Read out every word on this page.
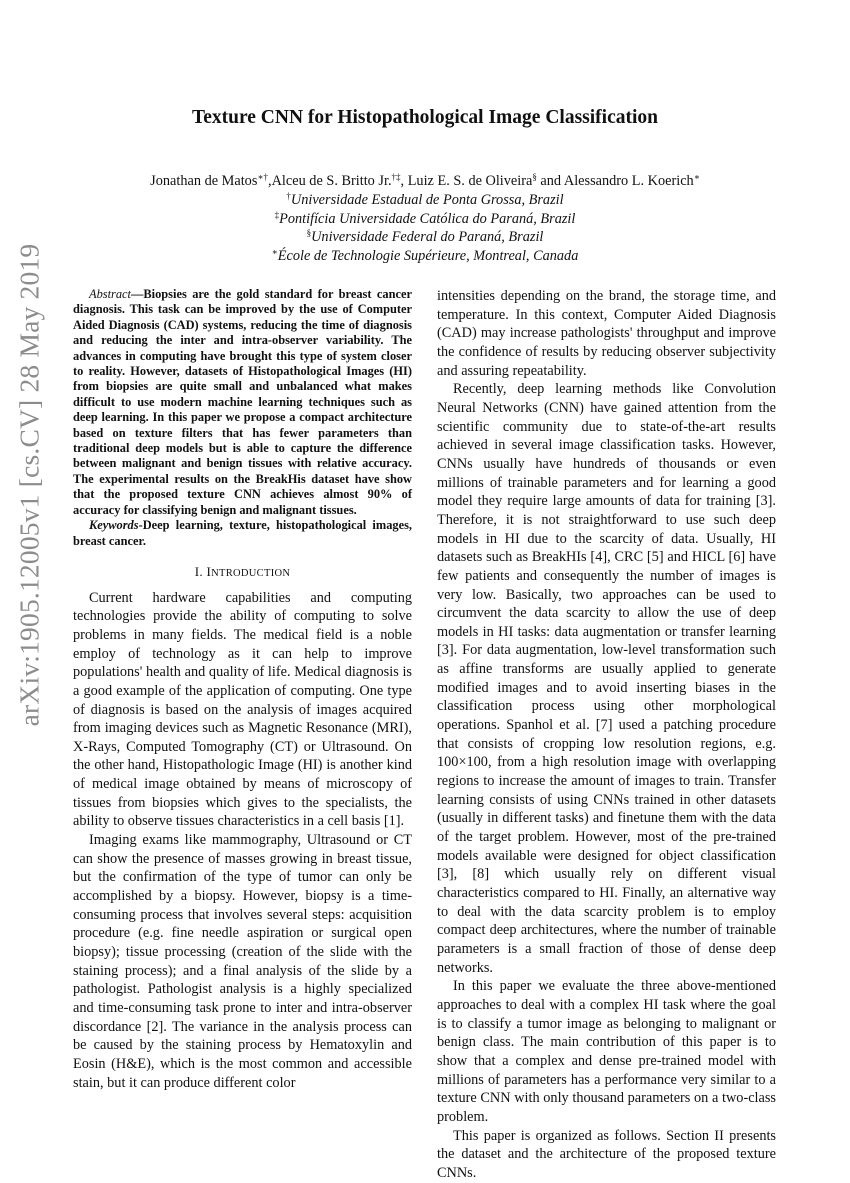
arXiv:1905.12005v1 [cs.CV] 28 May 2019
Texture CNN for Histopathological Image Classification
Jonathan de Matos∗†,Alceu de S. Britto Jr.†‡, Luiz E. S. de Oliveira§ and Alessandro L. Koerich∗
†Universidade Estadual de Ponta Grossa, Brazil
‡Pontifícia Universidade Católica do Paraná, Brazil
§Universidade Federal do Paraná, Brazil
∗École de Technologie Supérieure, Montreal, Canada

Abstract—Biopsies are the gold standard for breast cancer diagnosis. This task can be improved by the use of Computer Aided Diagnosis (CAD) systems, reducing the time of diagnosis and reducing the inter and intra-observer variability. The advances in computing have brought this type of system closer to reality. However, datasets of Histopathological Images (HI) from biopsies are quite small and unbalanced what makes difficult to use modern machine learning techniques such as deep learning. In this paper we propose a compact architecture based on texture filters that has fewer parameters than traditional deep models but is able to capture the difference between malignant and benign tissues with relative accuracy. The experimental results on the BreakHis dataset have show that the proposed texture CNN achieves almost 90% of accuracy for classifying benign and malignant tissues.

Keywords-Deep learning, texture, histopathological images, breast cancer.

I. INTRODUCTION

Current hardware capabilities and computing technologies provide the ability of computing to solve problems in many fields. The medical field is a noble employ of technology as it can help to improve populations' health and quality of life. Medical diagnosis is a good example of the application of computing. One type of diagnosis is based on the analysis of images acquired from imaging devices such as Magnetic Resonance (MRI), X-Rays, Computed Tomography (CT) or Ultrasound. On the other hand, Histopathologic Image (HI) is another kind of medical image obtained by means of microscopy of tissues from biopsies which gives to the specialists, the ability to observe tissues characteristics in a cell basis [1].

Imaging exams like mammography, Ultrasound or CT can show the presence of masses growing in breast tissue, but the confirmation of the type of tumor can only be accomplished by a biopsy. However, biopsy is a time-consuming process that involves several steps: acquisition procedure (e.g. fine needle aspiration or surgical open biopsy); tissue processing (creation of the slide with the staining process); and a final analysis of the slide by a pathologist. Pathologist analysis is a highly specialized and time-consuming task prone to inter and intra-observer discordance [2]. The variance in the analysis process can be caused by the staining process by Hematoxylin and Eosin (H&E), which is the most common and accessible stain, but it can produce different color

intensities depending on the brand, the storage time, and temperature. In this context, Computer Aided Diagnosis (CAD) may increase pathologists' throughput and improve the confidence of results by reducing observer subjectivity and assuring repeatability.

Recently, deep learning methods like Convolution Neural Networks (CNN) have gained attention from the scientific community due to state-of-the-art results achieved in several image classification tasks. However, CNNs usually have hundreds of thousands or even millions of trainable parameters and for learning a good model they require large amounts of data for training [3]. Therefore, it is not straightforward to use such deep models in HI due to the scarcity of data. Usually, HI datasets such as BreakHIs [4], CRC [5] and HICL [6] have few patients and consequently the number of images is very low. Basically, two approaches can be used to circumvent the data scarcity to allow the use of deep models in HI tasks: data augmentation or transfer learning [3]. For data augmentation, low-level transformation such as affine transforms are usually applied to generate modified images and to avoid inserting biases in the classification process using other morphological operations. Spanhol et al. [7] used a patching procedure that consists of cropping low resolution regions, e.g. 100×100, from a high resolution image with overlapping regions to increase the amount of images to train. Transfer learning consists of using CNNs trained in other datasets (usually in different tasks) and finetune them with the data of the target problem. However, most of the pre-trained models available were designed for object classification [3], [8] which usually rely on different visual characteristics compared to HI. Finally, an alternative way to deal with the data scarcity problem is to employ compact deep architectures, where the number of trainable parameters is a small fraction of those of dense deep networks.

In this paper we evaluate the three above-mentioned approaches to deal with a complex HI task where the goal is to classify a tumor image as belonging to malignant or benign class. The main contribution of this paper is to show that a complex and dense pre-trained model with millions of parameters has a performance very similar to a texture CNN with only thousand parameters on a two-class problem.

This paper is organized as follows. Section II presents the dataset and the architecture of the proposed texture CNNs.
